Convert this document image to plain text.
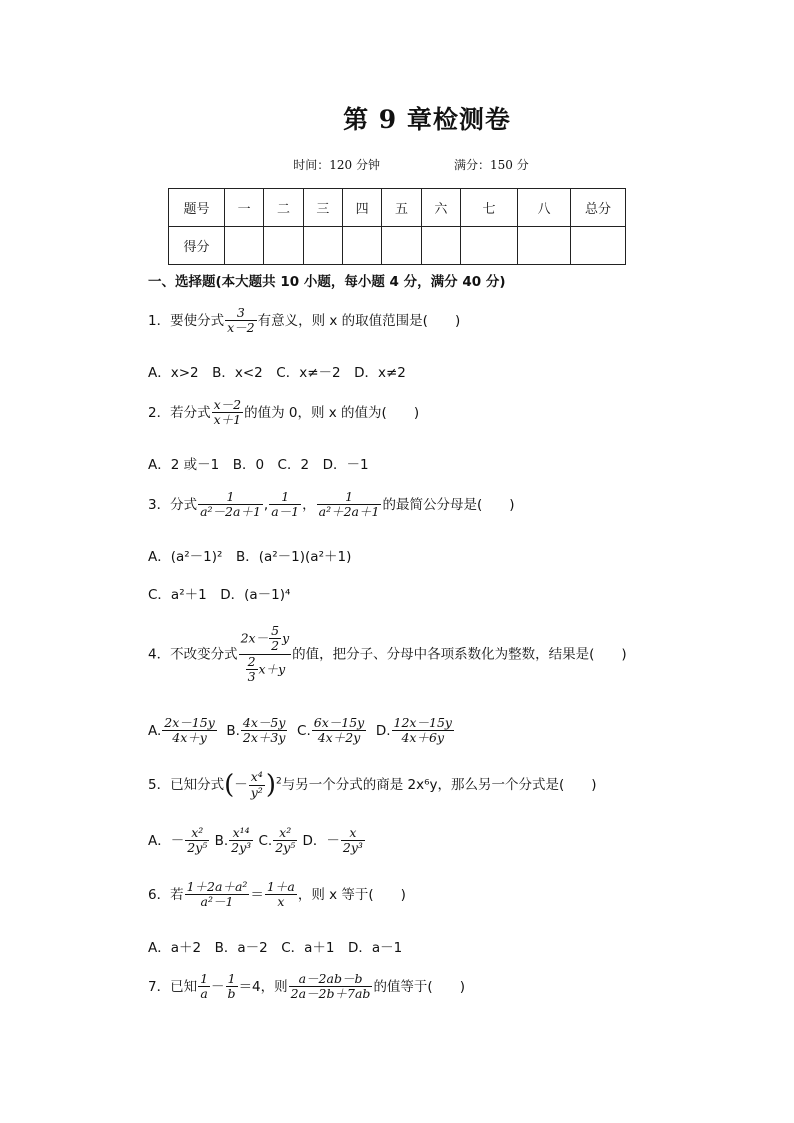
第 9 章检测卷
时间：120 分钟	满分：150 分
题号	一	二	三	四	五	六	七	八	总分
得分									
一、选择题(本大题共 10 小题，每小题 4 分，满分 40 分)
1．要使分式 $\frac{3}{x-2}$ 有意义，则 x 的取值范围是(　　)
A．x>2　B．x<2　C．x≠－2　D．x≠2
2．若分式 $\frac{x-2}{x+1}$ 的值为 0，则 x 的值为(　　)
A．2 或－1　B．0　C．2　D．－1
3．分式 $\frac{1}{\text{a²－2a＋1}}$ , $\frac{1}{a-1}$ ， $\frac{1}{\text{a²＋2a＋1}}$ 的最简公分母是(　　)
A．(a²－1)²　B．(a²－1)(a²＋1)
C．a²＋1　D．(a－1)⁴
4．不改变分式 $\frac{2x- \frac{5}{2} y}{\frac{2}{3} x+y}$ 的值，把分子、分母中各项系数化为整数，结果是(　　)
A. $\frac{2x-15y}{4x+y} B$. $\frac{4x-5y}{2x+3y} C$. $\frac{6x-15y}{4x+2y} D$. $\frac{12x-15y}{4x+6y}$
5．已知分式(－ $\frac{\text{x⁴}}{\text{y²}} )^2$与另一个分式的商是 2x⁶y，那么另一个分式是(　　)
A．－ $\frac{\text{x²}}{\text{2y⁵}} B$. $\frac{\text{x¹⁴}}{\text{2y³}} C$. $\frac{\text{x²}}{\text{2y⁵}}$ D．－ $\frac{x}{\text{2y³}}$
6．若 $\frac{\text{1＋2a＋a²}}{\text{a²－1}} = \frac{1+a}{x}$ ，则 x 等于(　　)
A．a＋2　B．a－2　C．a＋1　D．a－1
7．已知 $\frac{1}{a} - \frac{1}{b} =4$，则 $\frac{a-2ab-b}{2a-2b+7ab}$ 的值等于(　　)
